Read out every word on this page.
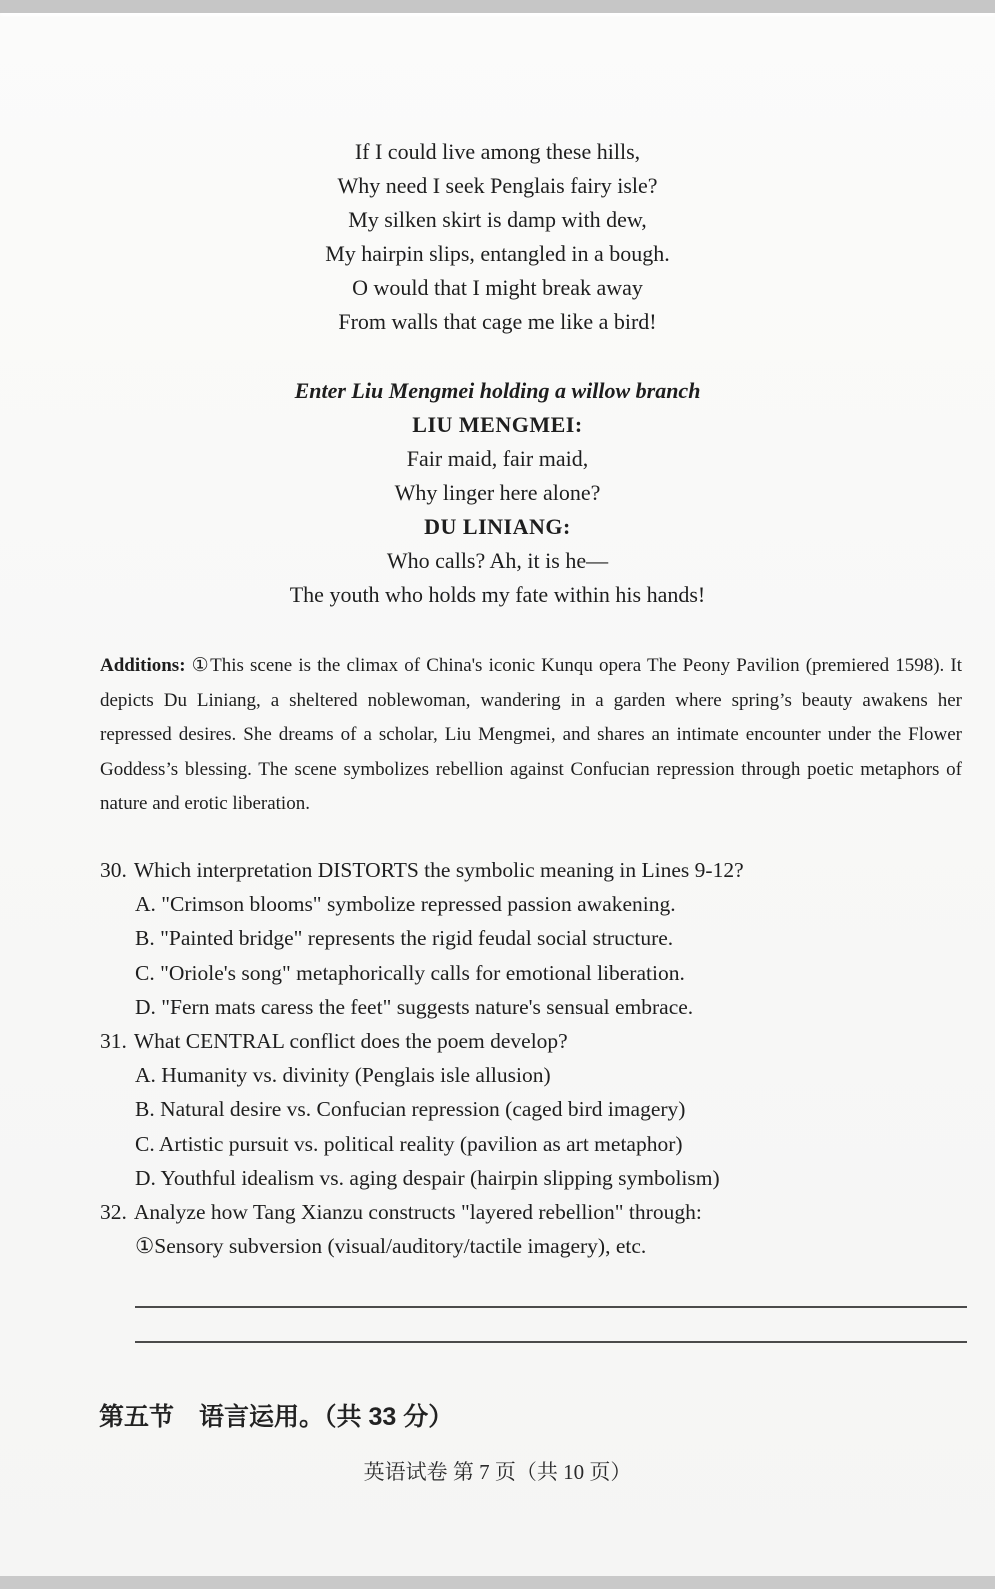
If I could live among these hills,
Why need I seek Penglais fairy isle?
My silken skirt is damp with dew,
My hairpin slips, entangled in a bough.
O would that I might break away
From walls that cage me like a bird!
Enter Liu Mengmei holding a willow branch
LIU MENGMEI:
Fair maid, fair maid,
Why linger here alone?
DU LINIANG:
Who calls? Ah, it is he—
The youth who holds my fate within his hands!

Additions: ①This scene is the climax of China's iconic Kunqu opera The Peony Pavilion (premiered 1598). It depicts Du Liniang, a sheltered noblewoman, wandering in a garden where spring’s beauty awakens her repressed desires. She dreams of a scholar, Liu Mengmei, and shares an intimate encounter under the Flower Goddess’s blessing. The scene symbolizes rebellion against Confucian repression through poetic metaphors of nature and erotic liberation.

30. Which interpretation DISTORTS the symbolic meaning in Lines 9-12?
A. "Crimson blooms" symbolize repressed passion awakening.
B. "Painted bridge" represents the rigid feudal social structure.
C. "Oriole's song" metaphorically calls for emotional liberation.
D. "Fern mats caress the feet" suggests nature's sensual embrace.
31. What CENTRAL conflict does the poem develop?
A. Humanity vs. divinity (Penglais isle allusion)
B. Natural desire vs. Confucian repression (caged bird imagery)
C. Artistic pursuit vs. political reality (pavilion as art metaphor)
D. Youthful idealism vs. aging despair (hairpin slipping symbolism)
32. Analyze how Tang Xianzu constructs "layered rebellion" through:
①Sensory subversion (visual/auditory/tactile imagery), etc.
第五节　语言运用。（共 33 分）
英语试卷 第 7 页（共 10 页）
